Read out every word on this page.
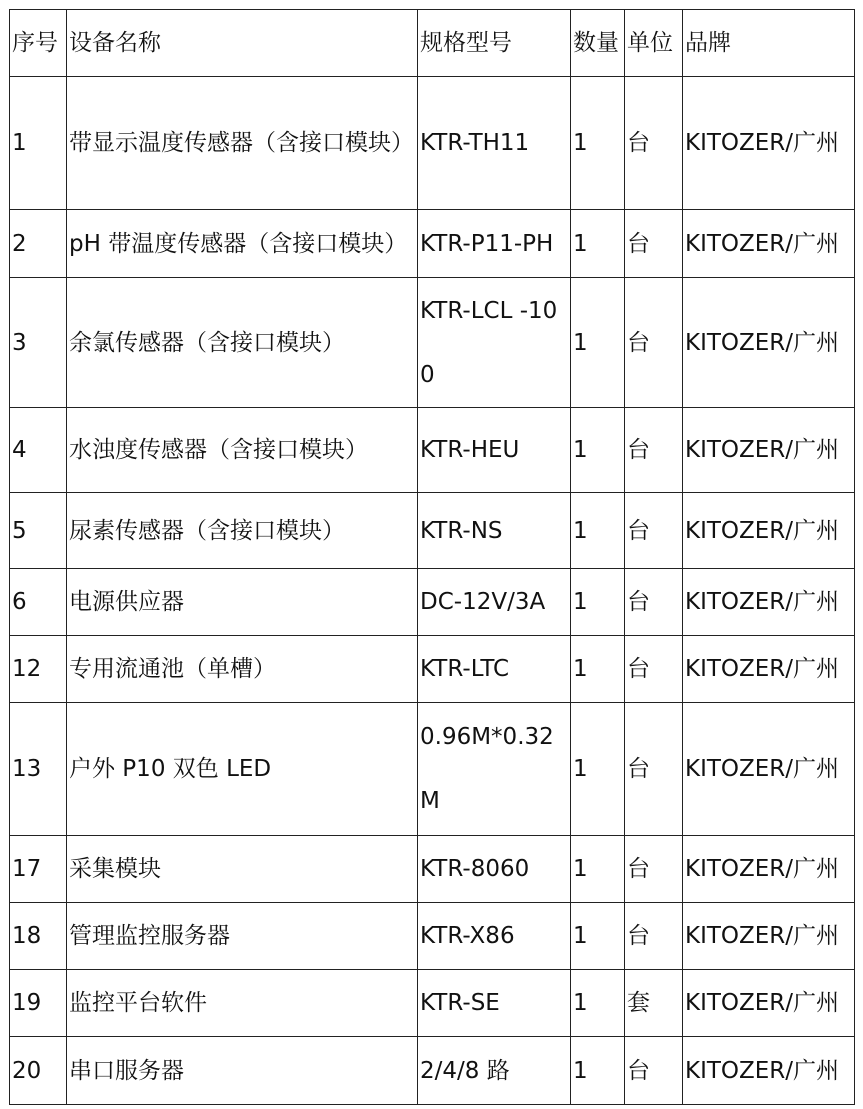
序号	设备名称	规格型号	数量	单位	品牌
1	带显示温度传感器（含接口模块）	KTR-TH11	1	台	KITOZER/广州
2	pH 带温度传感器（含接口模块）	KTR-P11-PH	1	台	KITOZER/广州
3	余氯传感器（含接口模块）	KTR-LCL -100	1	台	KITOZER/广州
4	水浊度传感器（含接口模块）	KTR-HEU	1	台	KITOZER/广州
5	尿素传感器（含接口模块）	KTR-NS	1	台	KITOZER/广州
6	电源供应器	DC-12V/3A	1	台	KITOZER/广州
12	专用流通池（单槽）	KTR-LTC	1	台	KITOZER/广州
13	户外 P10 双色 LED	0.96M*0.32M	1	台	KITOZER/广州
17	采集模块	KTR-8060	1	台	KITOZER/广州
18	管理监控服务器	KTR-X86	1	台	KITOZER/广州
19	监控平台软件	KTR-SE	1	套	KITOZER/广州
20	串口服务器	2/4/8 路	1	台	KITOZER/广州
